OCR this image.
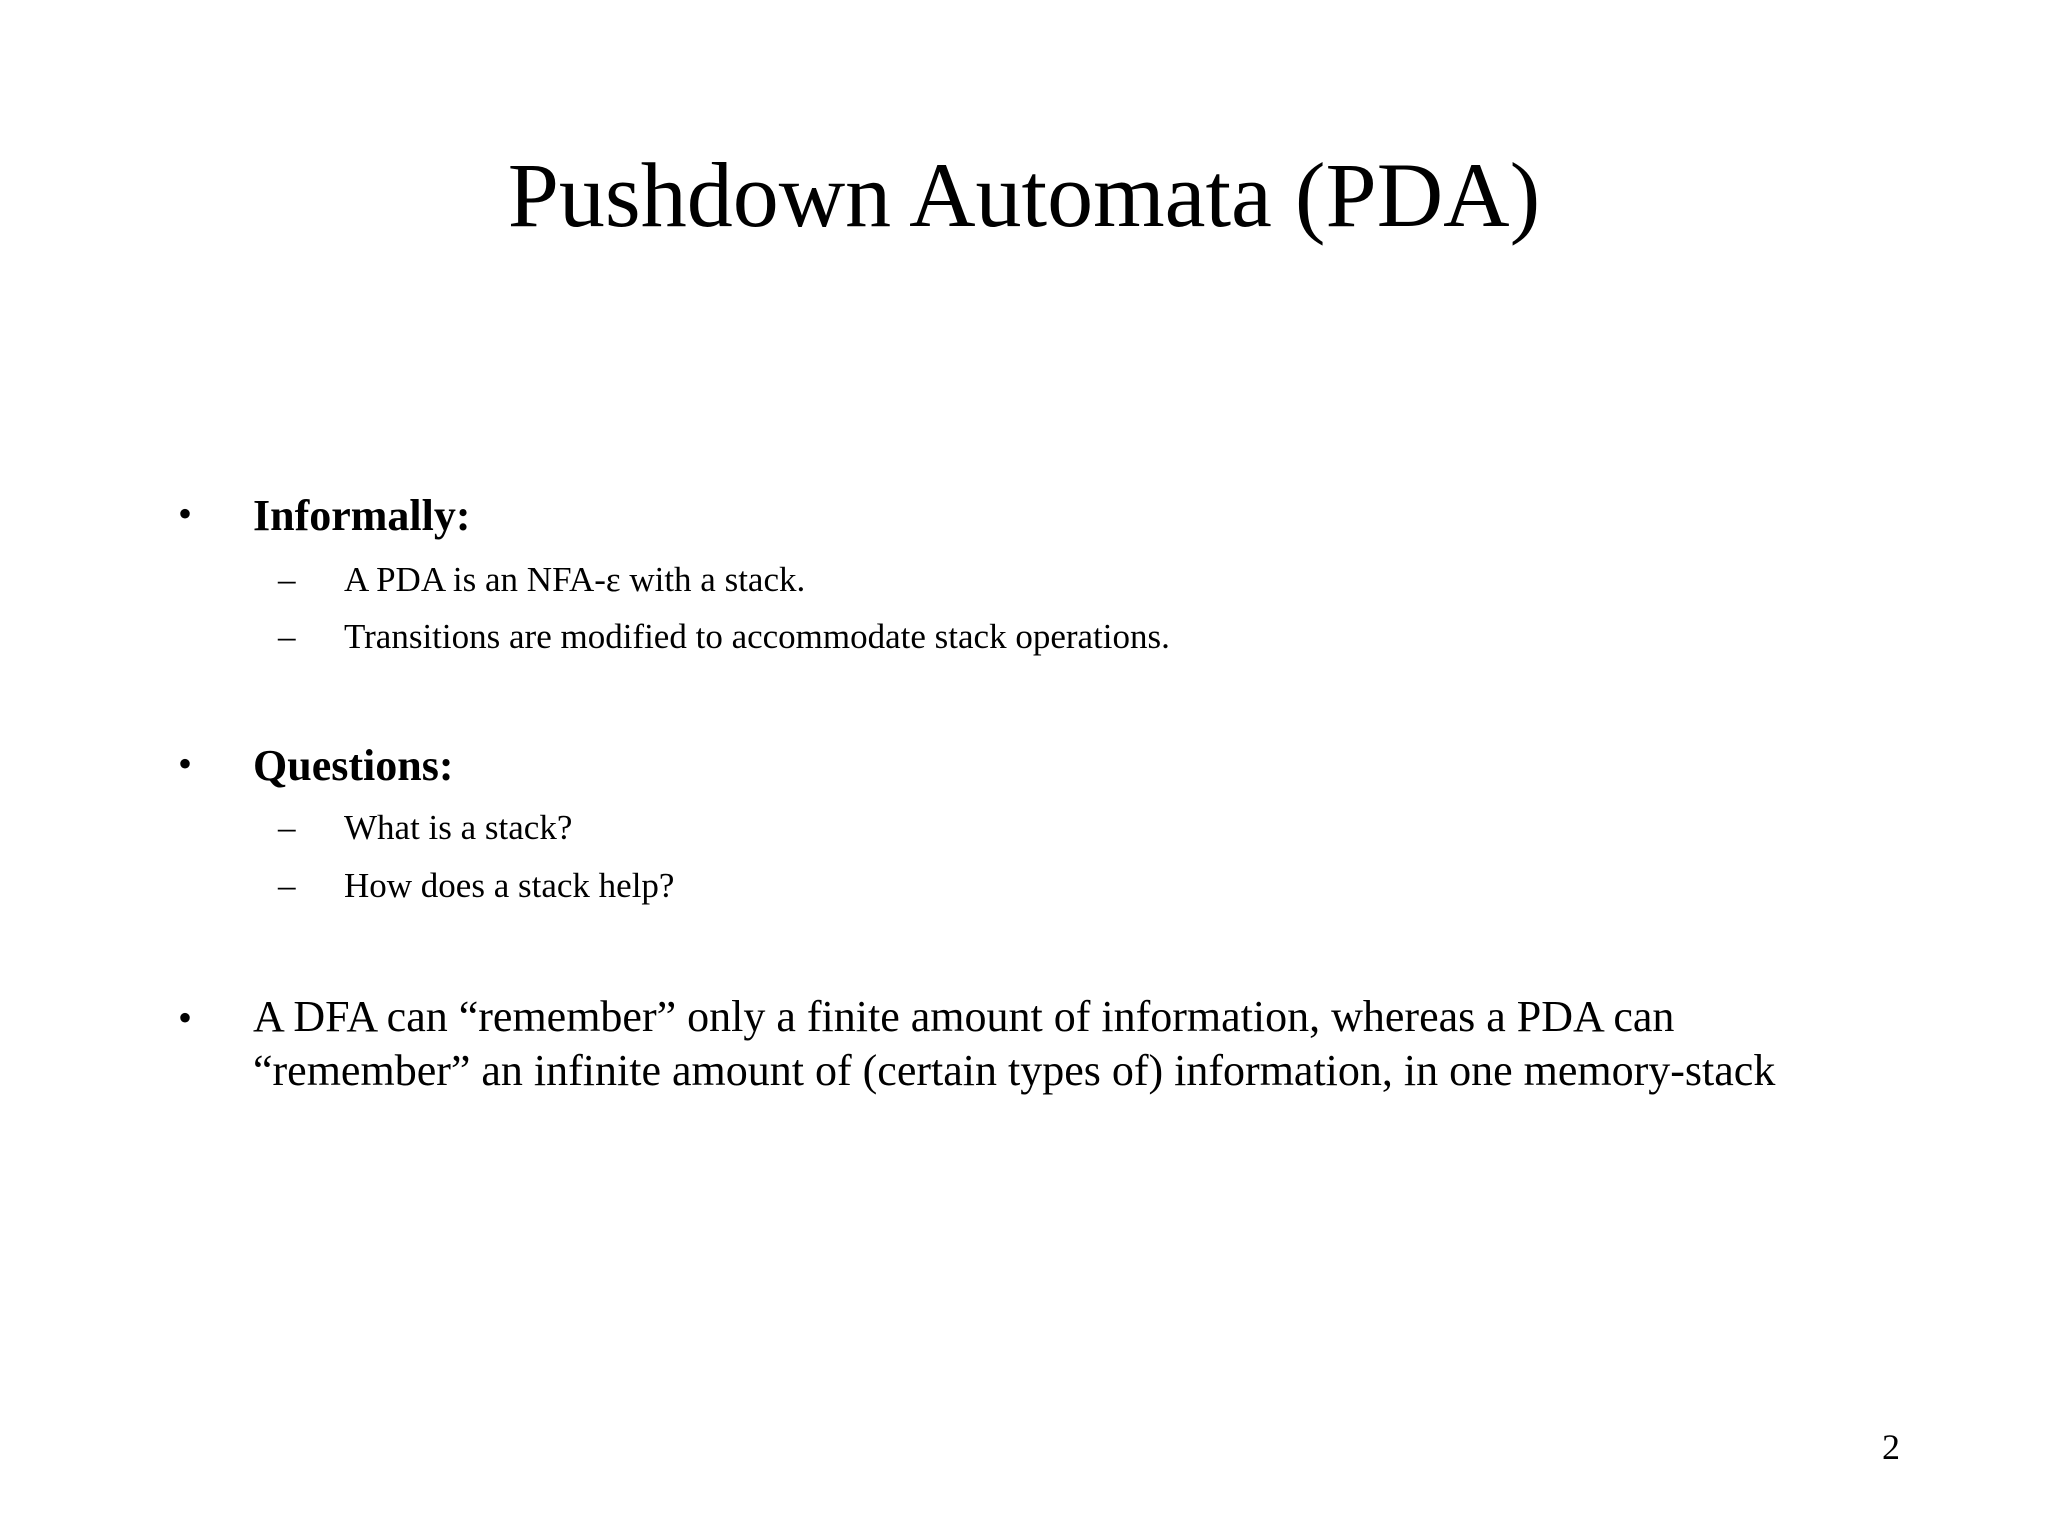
Pushdown Automata (PDA)
• Informally:
– A PDA is an NFA-ε with a stack.
– Transitions are modified to accommodate stack operations.
• Questions:
– What is a stack?
– How does a stack help?
• A DFA can “remember” only a finite amount of information, whereas a PDA can “remember” an infinite amount of (certain types of) information, in one memory-stack
2
